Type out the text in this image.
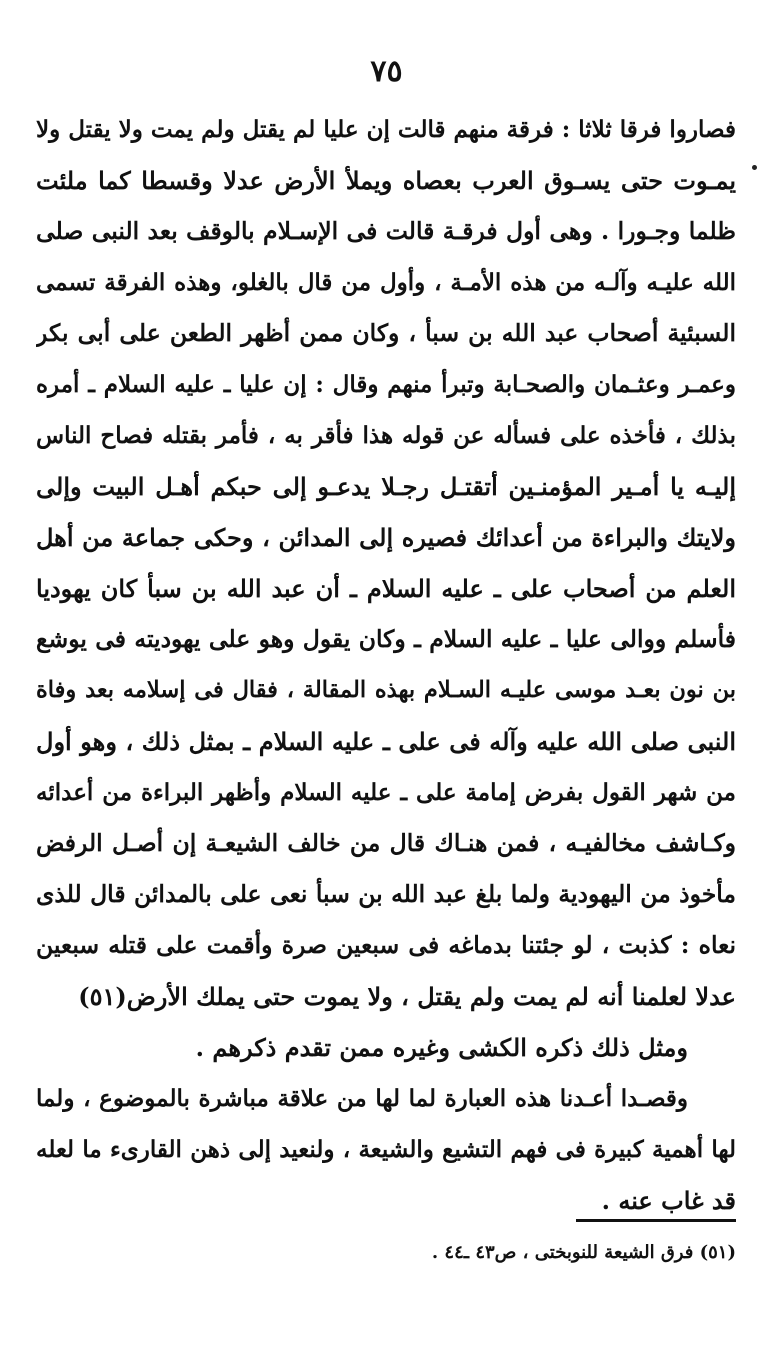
٧٥
فصاروا فرقا ثلاثا : فرقة منهم قالت إن عليا لم يقتل ولم يمت ولا يقتل ولا
يمـوت حتى يسـوق العرب بعصاه ويملأ الأرض عدلا وقسطا كما ملئت
ظلما وجـورا . وهى أول فرقـة قالت فى الإسـلام بالوقف بعد النبى صلى
الله عليـه وآلـه من هذه الأمـة ، وأول من قال بالغلو، وهذه الفرقة تسمى
السبئية أصحاب عبد الله بن سبأ ، وكان ممن أظهر الطعن على أبى بكر
وعمـر وعثـمان والصحـابة وتبرأ منهم وقال : إن عليا ـ عليه السلام ـ أمره
بذلك ، فأخذه على فسأله عن قوله هذا فأقر به ، فأمر بقتله فصاح الناس
إليـه يا أمـير المؤمنـين أتقتـل رجـلا يدعـو إلى حبكم أهـل البيت وإلى
ولايتك والبراءة من أعدائك فصيره إلى المدائن ، وحكى جماعة من أهل
العلم من أصحاب على ـ عليه السلام ـ أن عبد الله بن سبأ كان يهوديا
فأسلم ووالى عليا ـ عليه السلام ـ وكان يقول وهو على يهوديته فى يوشع
بن نون بعـد موسى عليـه السـلام بهذه المقالة ، فقال فى إسلامه بعد وفاة
النبى صلى الله عليه وآله فى على ـ عليه السلام ـ بمثل ذلك ، وهو أول
من شهر القول بفرض إمامة على ـ عليه السلام وأظهر البراءة من أعدائه
وكـاشف مخالفيـه ، فمن هنـاك قال من خالف الشيعـة إن أصـل الرفض
مأخوذ من اليهودية ولما بلغ عبد الله بن سبأ نعى على بالمدائن قال للذى
نعاه : كذبت ، لو جئتنا بدماغه فى سبعين صرة وأقمت على قتله سبعين
عدلا لعلمنا أنه لم يمت ولم يقتل ، ولا يموت حتى يملك الأرض(٥١)
ومثل ذلك ذكره الكشى وغيره ممن تقدم ذكرهم .
وقصـدا أعـدنا هذه العبارة لما لها من علاقة مباشرة بالموضوع ، ولما
لها أهمية كبيرة فى فهم التشيع والشيعة ، ولنعيد إلى ذهن القارىء ما لعله
قد غاب عنه .
(٥١) فرق الشيعة للنوبختى ، ص٤٣ ـ٤٤ .
